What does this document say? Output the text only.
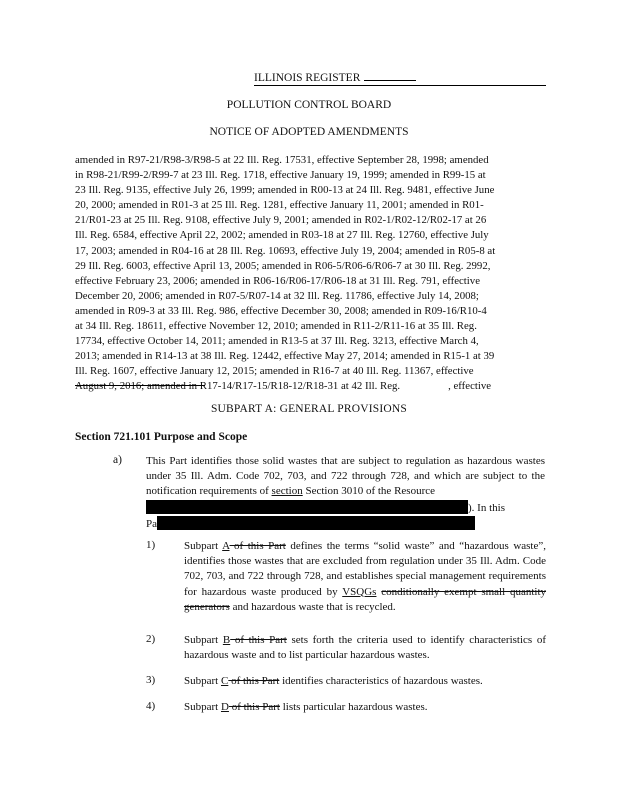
ILLINOIS REGISTER
POLLUTION CONTROL BOARD
NOTICE OF ADOPTED AMENDMENTS
amended in R97-21/R98-3/R98-5 at 22 Ill. Reg. 17531, effective September 28, 1998; amended
in R98-21/R99-2/R99-7 at 23 Ill. Reg. 1718, effective January 19, 1999; amended in R99-15 at
23 Ill. Reg. 9135, effective July 26, 1999; amended in R00-13 at 24 Ill. Reg. 9481, effective June
20, 2000; amended in R01-3 at 25 Ill. Reg. 1281, effective January 11, 2001; amended in R01-
21/R01-23 at 25 Ill. Reg. 9108, effective July 9, 2001; amended in R02-1/R02-12/R02-17 at 26
Ill. Reg. 6584, effective April 22, 2002; amended in R03-18 at 27 Ill. Reg. 12760, effective July
17, 2003; amended in R04-16 at 28 Ill. Reg. 10693, effective July 19, 2004; amended in R05-8 at
29 Ill. Reg. 6003, effective April 13, 2005; amended in R06-5/R06-6/R06-7 at 30 Ill. Reg. 2992,
effective February 23, 2006; amended in R06-16/R06-17/R06-18 at 31 Ill. Reg. 791, effective
December 20, 2006; amended in R07-5/R07-14 at 32 Ill. Reg. 11786, effective July 14, 2008;
amended in R09-3 at 33 Ill. Reg. 986, effective December 30, 2008; amended in R09-16/R10-4
at 34 Ill. Reg. 18611, effective November 12, 2010; amended in R11-2/R11-16 at 35 Ill. Reg.
17734, effective October 14, 2011; amended in R13-5 at 37 Ill. Reg. 3213, effective March 4,
2013; amended in R14-13 at 38 Ill. Reg. 12442, effective May 27, 2014; amended in R15-1 at 39
Ill. Reg. 1607, effective January 12, 2015; amended in R16-7 at 40 Ill. Reg. 11367, effective
August 9, 2016; amended in R17-14/R17-15/R18-12/R18-31 at 42 Ill. Reg.	, effective
SUBPART A: GENERAL PROVISIONS
Section 721.101 Purpose and Scope
a) This Part identifies those solid wastes that are subject to regulation as hazardous wastes under 35 Ill. Adm. Code 702, 703, and 722 through 728, and which are subject to the notification requirements of section Section 3010 of the Resource
). In this
Pa
1)	Subpart A of this Part defines the terms “solid waste” and “hazardous waste”, identifies those wastes that are excluded from regulation under 35 Ill. Adm. Code 702, 703, and 722 through 728, and establishes special management requirements for hazardous waste produced by VSQGs conditionally exempt small quantity generators and hazardous waste that is recycled.
2)	Subpart B of this Part sets forth the criteria used to identify characteristics of hazardous waste and to list particular hazardous wastes.
3)	Subpart C of this Part identifies characteristics of hazardous wastes.
4)	Subpart D of this Part lists particular hazardous wastes.
